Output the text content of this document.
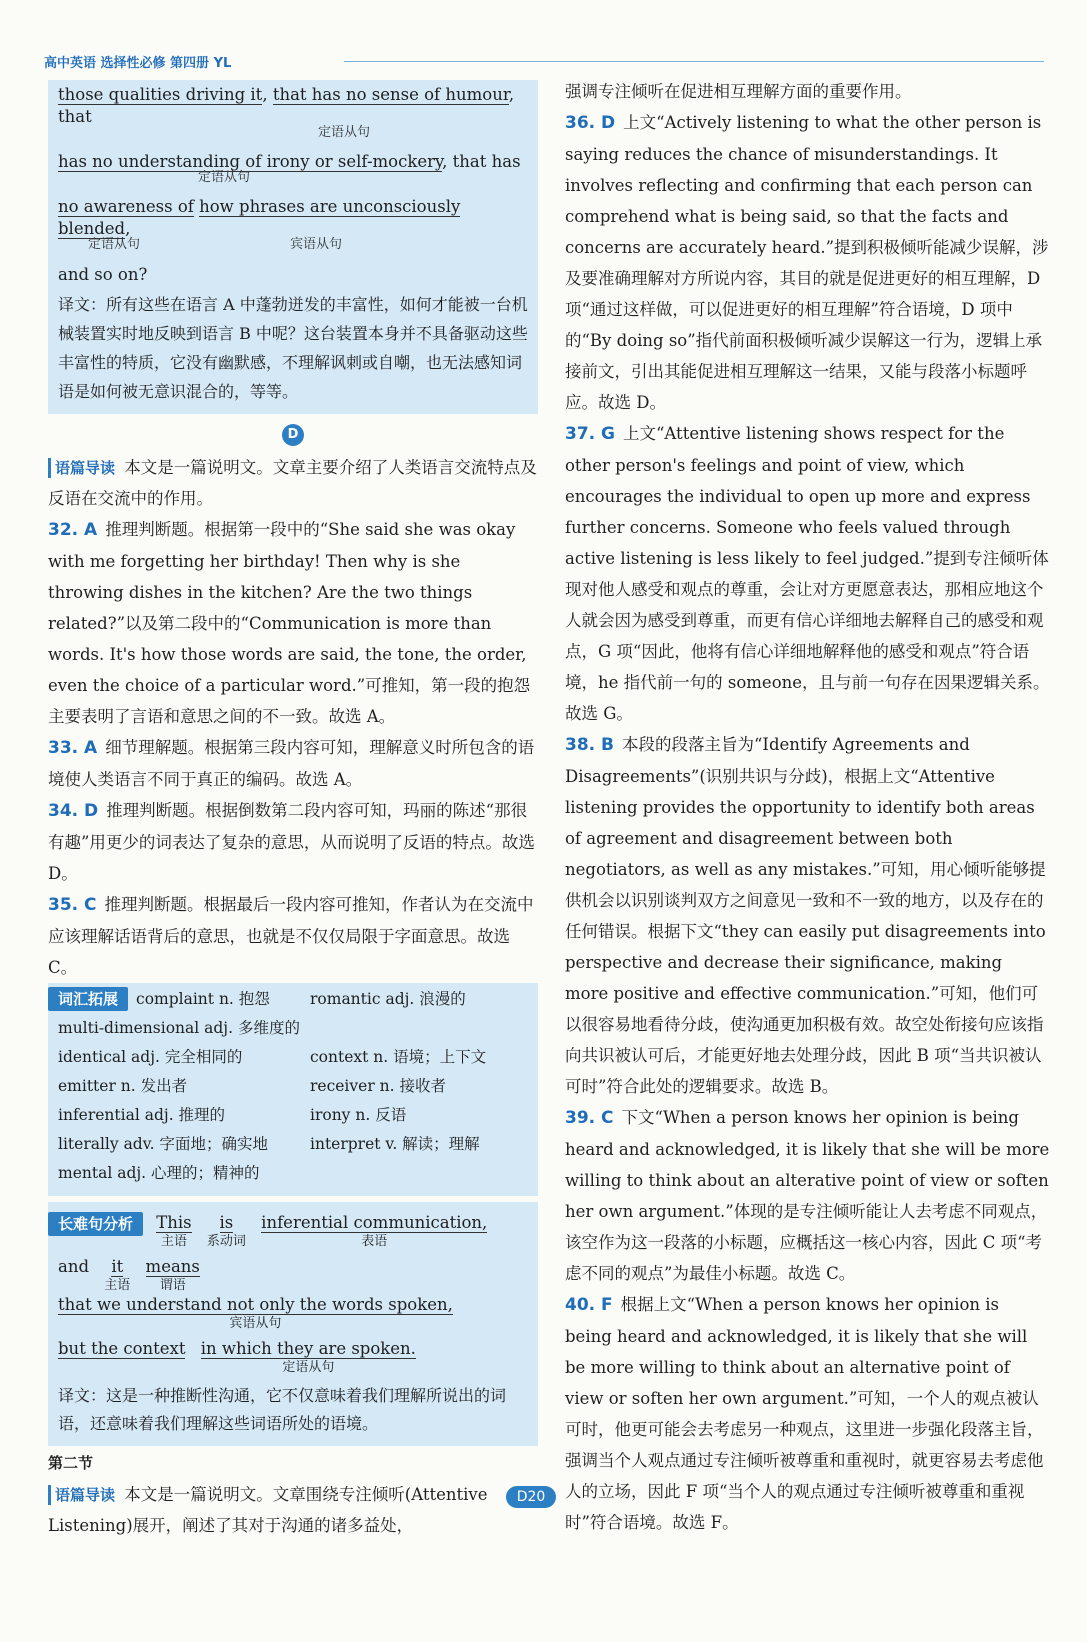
高中英语 选择性必修 第四册 YL
those qualities driving it, that has no sense of humour, that
定语从句
has no understanding of irony or self-mockery, that has
定语从句
no awareness of how phrases are unconsciously blended,
定语从句	宾语从句
and so on?
译文：所有这些在语言 A 中蓬勃迸发的丰富性，如何才能被一台机械装置实时地反映到语言 B 中呢？这台装置本身并不具备驱动这些丰富性的特质，它没有幽默感，不理解讽刺或自嘲，也无法感知词语是如何被无意识混合的，等等。
D

语篇导读 本文是一篇说明文。文章主要介绍了人类语言交流特点及反语在交流中的作用。

32. A 推理判断题。根据第一段中的“She said she was okay with me forgetting her birthday! Then why is she throwing dishes in the kitchen? Are the two things related?”以及第二段中的“Communication is more than words. It's how those words are said, the tone, the order, even the choice of a particular word.”可推知，第一段的抱怨主要表明了言语和意思之间的不一致。故选 A。

33. A 细节理解题。根据第三段内容可知，理解意义时所包含的语境使人类语言不同于真正的编码。故选 A。

34. D 推理判断题。根据倒数第二段内容可知，玛丽的陈述“那很有趣”用更少的词表达了复杂的意思，从而说明了反语的特点。故选 D。

35. C 推理判断题。根据最后一段内容可推知，作者认为在交流中应该理解话语背后的意思，也就是不仅仅局限于字面意思。故选 C。

词汇拓展 complaint n. 抱怨	romantic adj. 浪漫的
multi-dimensional adj. 多维度的
identical adj. 完全相同的	context n. 语境；上下文
emitter n. 发出者	receiver n. 接收者
inferential adj. 推理的	irony n. 反语
literally adv. 字面地；确实地	interpret v. 解读；理解
mental adj. 心理的；精神的
长难句分析 This
主语
is
系动词
inferential communication,
表语
and it
主语
means
谓语
that we understand not only the words spoken,
宾语从句
but the context in which they are spoken.
定语从句
译文：这是一种推断性沟通，它不仅意味着我们理解所说出的词语，还意味着我们理解这些词语所处的语境。
第二节

语篇导读 本文是一篇说明文。文章围绕专注倾听(Attentive Listening)展开，阐述了其对于沟通的诸多益处，

强调专注倾听在促进相互理解方面的重要作用。

36. D 上文“Actively listening to what the other person is saying reduces the chance of misunderstandings. It involves reflecting and confirming that each person can comprehend what is being said, so that the facts and concerns are accurately heard.”提到积极倾听能减少误解，涉及要准确理解对方所说内容，其目的就是促进更好的相互理解，D 项“通过这样做，可以促进更好的相互理解”符合语境，D 项中的“By doing so”指代前面积极倾听减少误解这一行为，逻辑上承接前文，引出其能促进相互理解这一结果，又能与段落小标题呼应。故选 D。

37. G 上文“Attentive listening shows respect for the other person's feelings and point of view, which encourages the individual to open up more and express further concerns. Someone who feels valued through active listening is less likely to feel judged.”提到专注倾听体现对他人感受和观点的尊重，会让对方更愿意表达，那相应地这个人就会因为感受到尊重，而更有信心详细地去解释自己的感受和观点，G 项“因此，他将有信心详细地解释他的感受和观点”符合语境，he 指代前一句的 someone，且与前一句存在因果逻辑关系。故选 G。

38. B 本段的段落主旨为“Identify Agreements and Disagreements”(识别共识与分歧)，根据上文“Attentive listening provides the opportunity to identify both areas of agreement and disagreement between both negotiators, as well as any mistakes.”可知，用心倾听能够提供机会以识别谈判双方之间意见一致和不一致的地方，以及存在的任何错误。根据下文“they can easily put disagreements into perspective and decrease their significance, making more positive and effective communication.”可知，他们可以很容易地看待分歧，使沟通更加积极有效。故空处衔接句应该指向共识被认可后，才能更好地去处理分歧，因此 B 项“当共识被认可时”符合此处的逻辑要求。故选 B。

39. C 下文“When a person knows her opinion is being heard and acknowledged, it is likely that she will be more willing to think about an alterative point of view or soften her own argument.”体现的是专注倾听能让人去考虑不同观点，该空作为这一段落的小标题，应概括这一核心内容，因此 C 项“考虑不同的观点”为最佳小标题。故选 C。

40. F 根据上文“When a person knows her opinion is being heard and acknowledged, it is likely that she will be more willing to think about an alternative point of view or soften her own argument.”可知，一个人的观点被认可时，他更可能会去考虑另一种观点，这里进一步强化段落主旨，强调当个人观点通过专注倾听被尊重和重视时，就更容易去考虑他人的立场，因此 F 项“当个人的观点通过专注倾听被尊重和重视时”符合语境。故选 F。

D20
